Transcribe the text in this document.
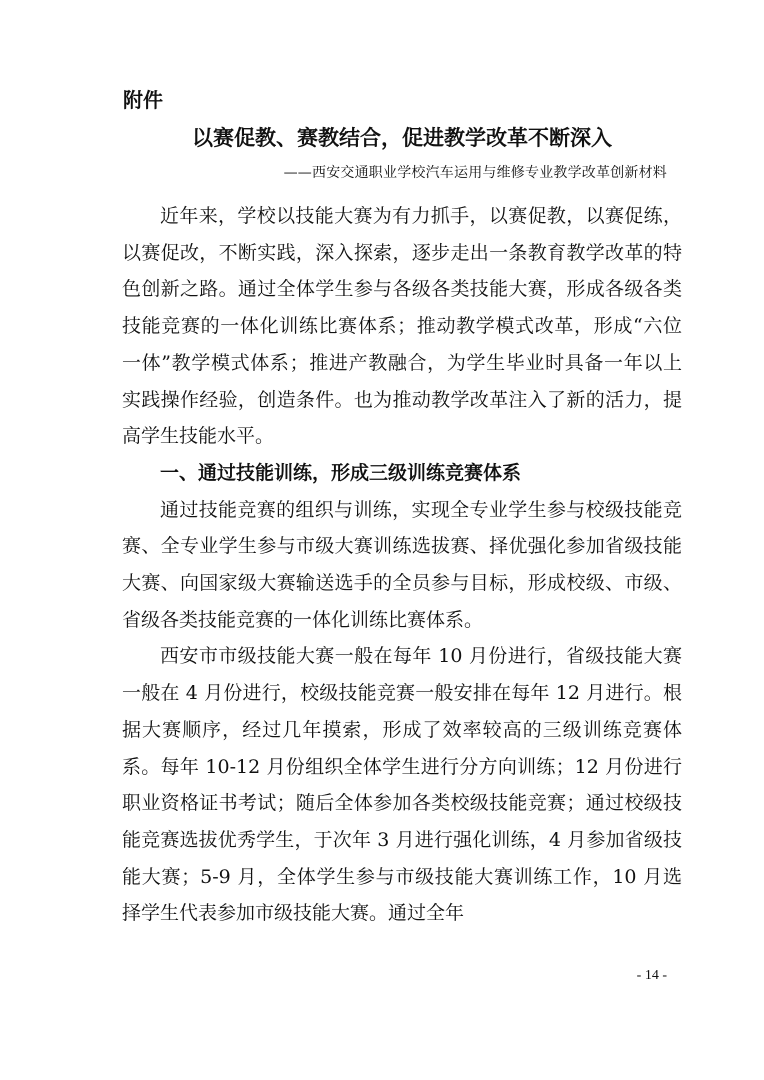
附件
以赛促教、赛教结合，促进教学改革不断深入
——西安交通职业学校汽车运用与维修专业教学改革创新材料

近年来，学校以技能大赛为有力抓手，以赛促教，以赛促练，以赛促改，不断实践，深入探索，逐步走出一条教育教学改革的特色创新之路。通过全体学生参与各级各类技能大赛，形成各级各类技能竞赛的一体化训练比赛体系；推动教学模式改革，形成“六位一体”教学模式体系；推进产教融合，为学生毕业时具备一年以上实践操作经验，创造条件。也为推动教学改革注入了新的活力，提高学生技能水平。

一、通过技能训练，形成三级训练竞赛体系

通过技能竞赛的组织与训练，实现全专业学生参与校级技能竞赛、全专业学生参与市级大赛训练选拔赛、择优强化参加省级技能大赛、向国家级大赛输送选手的全员参与目标，形成校级、市级、省级各类技能竞赛的一体化训练比赛体系。

西安市市级技能大赛一般在每年 10 月份进行，省级技能大赛一般在 4 月份进行，校级技能竞赛一般安排在每年 12 月进行。根据大赛顺序，经过几年摸索，形成了效率较高的三级训练竞赛体系。每年 10-12 月份组织全体学生进行分方向训练；12 月份进行职业资格证书考试；随后全体参加各类校级技能竞赛；通过校级技能竞赛选拔优秀学生，于次年 3 月进行强化训练，4 月参加省级技能大赛；5-9 月，全体学生参与市级技能大赛训练工作，10 月选择学生代表参加市级技能大赛。通过全年

- 14 -
